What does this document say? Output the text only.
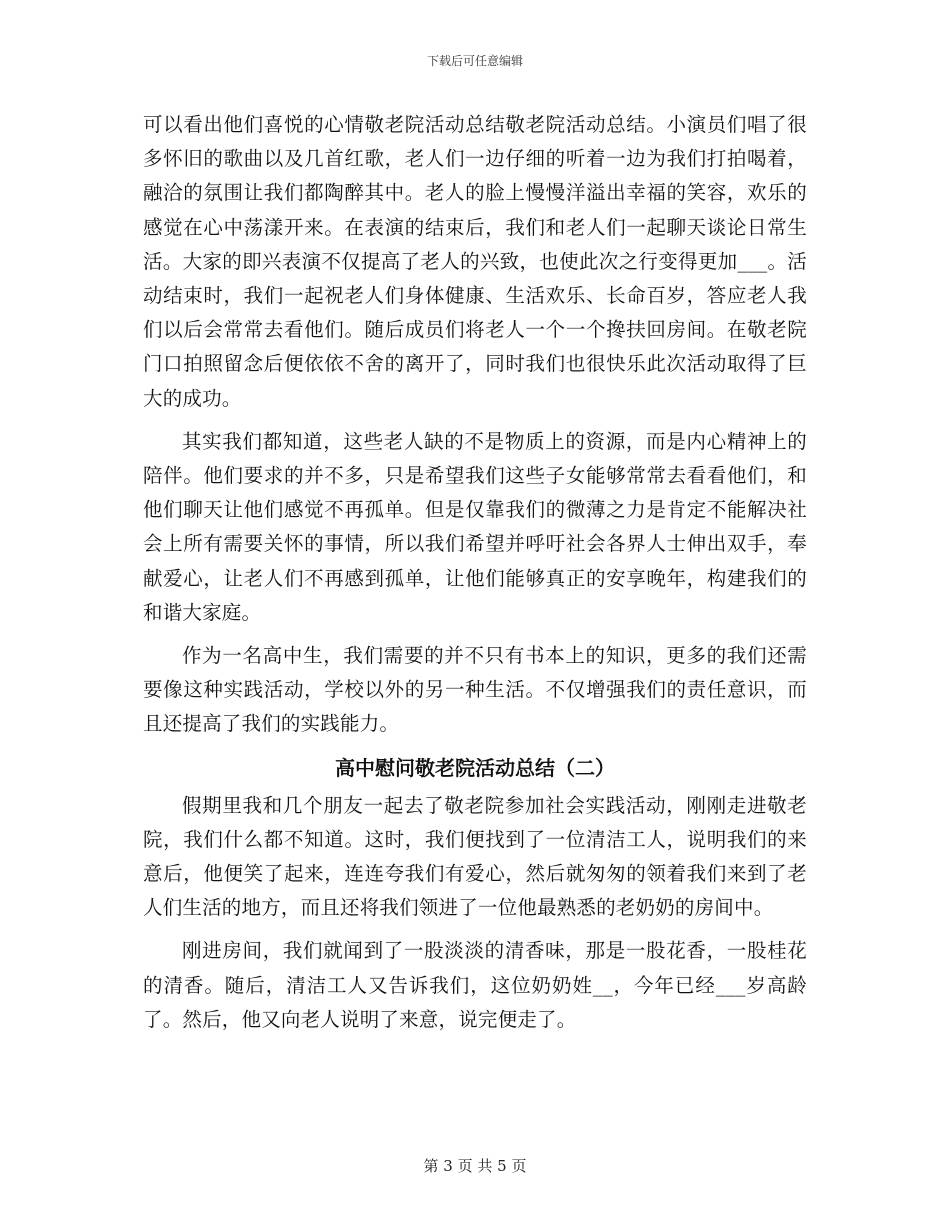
下载后可任意编辑

可以看出他们喜悦的心情敬老院活动总结敬老院活动总结。小演员们唱了很多怀旧的歌曲以及几首红歌，老人们一边仔细的听着一边为我们打拍喝着，融洽的氛围让我们都陶醉其中。老人的脸上慢慢洋溢出幸福的笑容，欢乐的感觉在心中荡漾开来。在表演的结束后，我们和老人们一起聊天谈论日常生活。大家的即兴表演不仅提高了老人的兴致，也使此次之行变得更加___。活动结束时，我们一起祝老人们身体健康、生活欢乐、长命百岁，答应老人我们以后会常常去看他们。随后成员们将老人一个一个搀扶回房间。在敬老院门口拍照留念后便依依不舍的离开了，同时我们也很快乐此次活动取得了巨大的成功。

其实我们都知道，这些老人缺的不是物质上的资源，而是内心精神上的陪伴。他们要求的并不多，只是希望我们这些子女能够常常去看看他们，和他们聊天让他们感觉不再孤单。但是仅靠我们的微薄之力是肯定不能解决社会上所有需要关怀的事情，所以我们希望并呼吁社会各界人士伸出双手，奉献爱心，让老人们不再感到孤单，让他们能够真正的安享晚年，构建我们的和谐大家庭。

作为一名高中生，我们需要的并不只有书本上的知识，更多的我们还需要像这种实践活动，学校以外的另一种生活。不仅增强我们的责任意识，而且还提高了我们的实践能力。

高中慰问敬老院活动总结（二）

假期里我和几个朋友一起去了敬老院参加社会实践活动，刚刚走进敬老院，我们什么都不知道。这时，我们便找到了一位清洁工人，说明我们的来意后，他便笑了起来，连连夸我们有爱心，然后就匆匆的领着我们来到了老人们生活的地方，而且还将我们领进了一位他最熟悉的老奶奶的房间中。

刚进房间，我们就闻到了一股淡淡的清香味，那是一股花香，一股桂花的清香。随后，清洁工人又告诉我们，这位奶奶姓__，今年已经___岁高龄了。然后，他又向老人说明了来意，说完便走了。

第 3 页 共 5 页
